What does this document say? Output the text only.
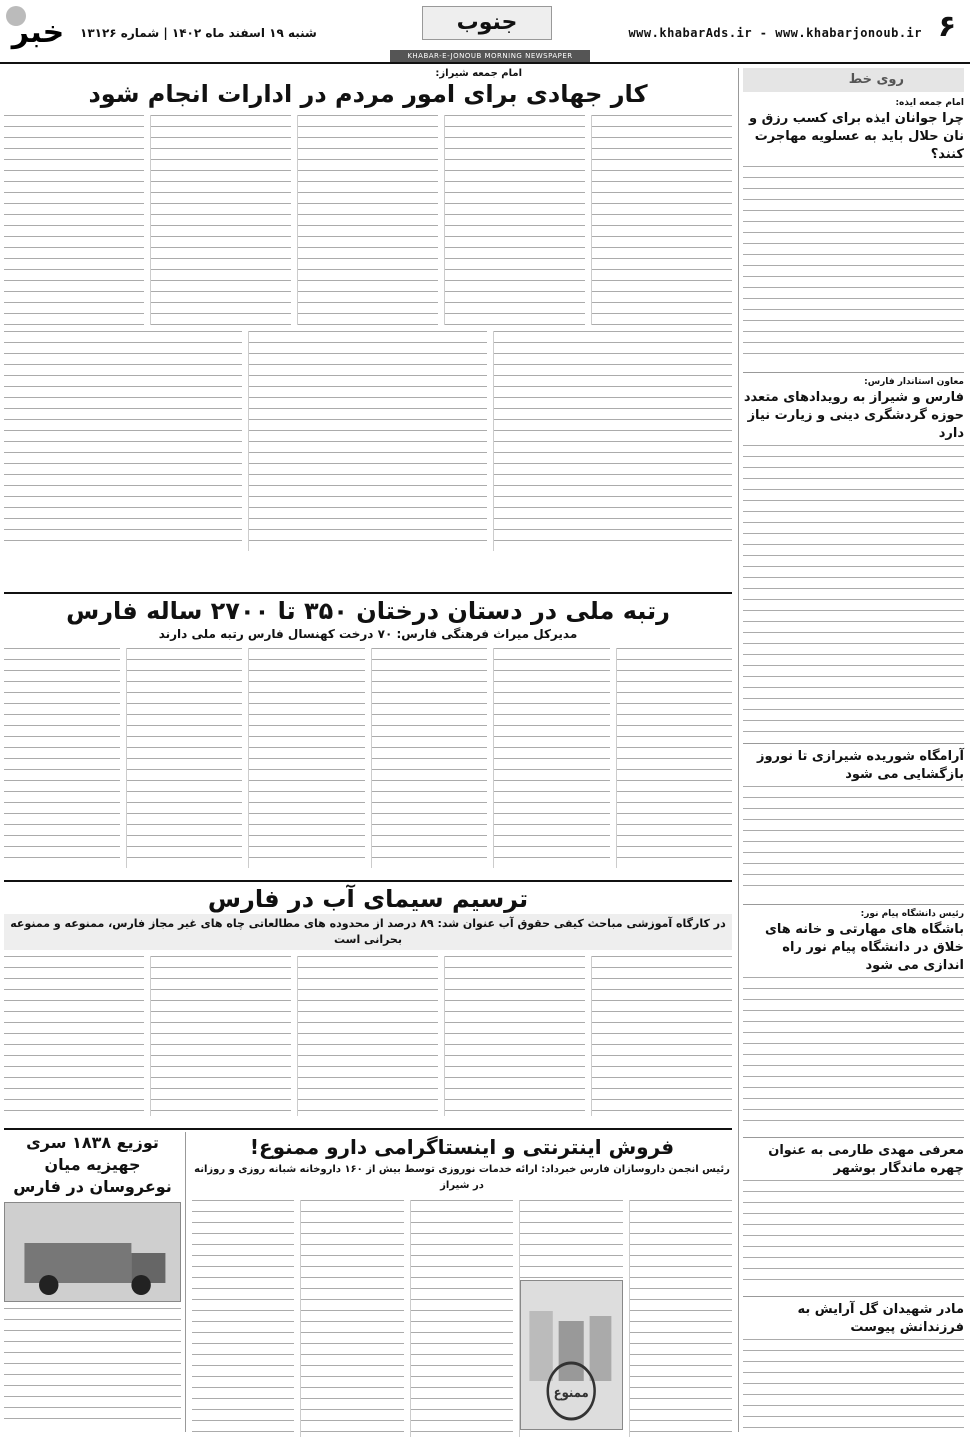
۶
www.khabarAds.ir - www.khabarjonoub.ir
جنوب
شنبه ۱۹ اسفند ماه ۱۴۰۲ | شماره ۱۳۱۲۶
خبر
KHABAR-E-JONOUB MORNING NEWSPAPER
روی خط
امام جمعه ایذه:
چرا جوانان ایذه برای کسب رزق و نان حلال باید به عسلویه مهاجرت کنند؟
معاون استاندار فارس:
فارس و شیراز به رویدادهای متعدد حوزه گردشگری دینی و زیارت نیاز دارد
آرامگاه شوریده شیرازی تا نوروز بازگشایی می شود
رئیس دانشگاه پیام نور:
باشگاه های مهارتی و خانه های خلاق در دانشگاه پیام نور راه اندازی می شود
معرفی مهدی طارمی به عنوان چهره ماندگار بوشهر
مادر شهیدان گل آرایش به فرزندانش پیوست
امام جمعه شیراز:
کار جهادی برای امور مردم در ادارات انجام شود
رتبه ملی در دستان درختان ۳۵۰ تا ۲۷۰۰ ساله فارس
مدیرکل میراث فرهنگی فارس: ۷۰ درخت کهنسال فارس رتبه ملی دارند
ترسیم سیمای آب در فارس
در کارگاه آموزشی مباحث کیفی حقوق آب عنوان شد: ۸۹ درصد از محدوده های مطالعاتی چاه های غیر مجاز فارس، ممنوعه و ممنوعه بحرانی است
فروش اینترنتی و اینستاگرامی دارو ممنوع!
رئیس انجمن داروسازان فارس خبرداد: ارائه خدمات نوروزی توسط بیش از ۱۶۰ داروخانه شبانه روزی و روزانه در شیراز
ممنوع
توزیع ۱۸۳۸ سری جهیزیه میان نوعروسان در فارس
